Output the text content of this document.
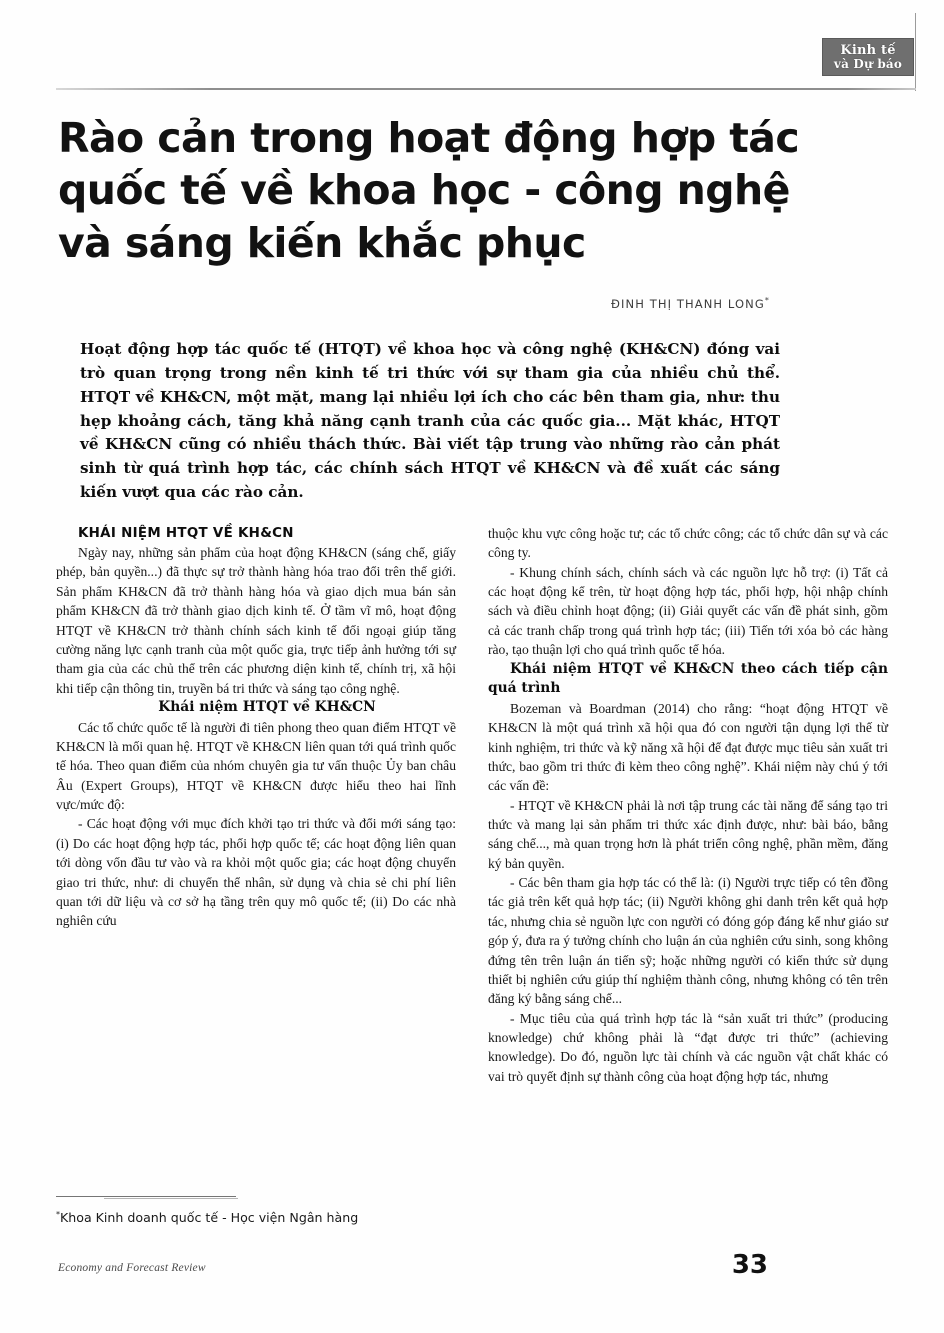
Kinh tế
và Dự báo
Rào cản trong hoạt động hợp tác
quốc tế về khoa học - công nghệ
và sáng kiến khắc phục
ĐINH THỊ THANH LONG*
Hoạt động hợp tác quốc tế (HTQT) về khoa học và công nghệ (KH&CN) đóng vai trò quan trọng trong nền kinh tế tri thức với sự tham gia của nhiều chủ thể. HTQT về KH&CN, một mặt, mang lại nhiều lợi ích cho các bên tham gia, như: thu hẹp khoảng cách, tăng khả năng cạnh tranh của các quốc gia... Mặt khác, HTQT về KH&CN cũng có nhiều thách thức. Bài viết tập trung vào những rào cản phát sinh từ quá trình hợp tác, các chính sách HTQT về KH&CN và đề xuất các sáng kiến vượt qua các rào cản.

KHÁI NIỆM HTQT VỀ KH&CN

Ngày nay, những sản phẩm của hoạt động KH&CN (sáng chế, giấy phép, bản quyền...) đã thực sự trở thành hàng hóa trao đổi trên thế giới. Sản phẩm KH&CN đã trở thành hàng hóa và giao dịch mua bán sản phẩm KH&CN đã trở thành giao dịch kinh tế. Ở tầm vĩ mô, hoạt động HTQT về KH&CN trở thành chính sách kinh tế đối ngoại giúp tăng cường năng lực cạnh tranh của một quốc gia, trực tiếp ảnh hưởng tới sự tham gia của các chủ thể trên các phương diện kinh tế, chính trị, xã hội khi tiếp cận thông tin, truyền bá tri thức và sáng tạo công nghệ.

Khái niệm HTQT về KH&CN

Các tổ chức quốc tế là người đi tiên phong theo quan điểm HTQT về KH&CN là mối quan hệ. HTQT về KH&CN liên quan tới quá trình quốc tế hóa. Theo quan điểm của nhóm chuyên gia tư vấn thuộc Ủy ban châu Âu (Expert Groups), HTQT về KH&CN được hiểu theo hai lĩnh vực/mức độ:

- Các hoạt động với mục đích khởi tạo tri thức và đổi mới sáng tạo: (i) Do các hoạt động hợp tác, phối hợp quốc tế; các hoạt động liên quan tới dòng vốn đầu tư vào và ra khỏi một quốc gia; các hoạt động chuyển giao tri thức, như: di chuyển thể nhân, sử dụng và chia sẻ chi phí liên quan tới dữ liệu và cơ sở hạ tầng trên quy mô quốc tế; (ii) Do các nhà nghiên cứu

thuộc khu vực công hoặc tư; các tổ chức công; các tổ chức dân sự và các công ty.

- Khung chính sách, chính sách và các nguồn lực hỗ trợ: (i) Tất cả các hoạt động kể trên, từ hoạt động hợp tác, phối hợp, hội nhập chính sách và điều chỉnh hoạt động; (ii) Giải quyết các vấn đề phát sinh, gồm cả các tranh chấp trong quá trình hợp tác; (iii) Tiến tới xóa bỏ các hàng rào, tạo thuận lợi cho quá trình quốc tế hóa.

Khái niệm HTQT về KH&CN theo cách tiếp cận quá trình

Bozeman và Boardman (2014) cho rằng: “hoạt động HTQT về KH&CN là một quá trình xã hội qua đó con người tận dụng lợi thế từ kinh nghiệm, tri thức và kỹ năng xã hội để đạt được mục tiêu sản xuất tri thức, bao gồm tri thức đi kèm theo công nghệ”. Khái niệm này chú ý tới các vấn đề:

- HTQT về KH&CN phải là nơi tập trung các tài năng để sáng tạo tri thức và mang lại sản phẩm tri thức xác định được, như: bài báo, bằng sáng chế..., mà quan trọng hơn là phát triển công nghệ, phần mềm, đăng ký bản quyền.

- Các bên tham gia hợp tác có thể là: (i) Người trực tiếp có tên đồng tác giả trên kết quả hợp tác; (ii) Người không ghi danh trên kết quả hợp tác, nhưng chia sẻ nguồn lực con người có đóng góp đáng kể như giáo sư góp ý, đưa ra ý tưởng chính cho luận án của nghiên cứu sinh, song không đứng tên trên luận án tiến sỹ; hoặc những người có kiến thức sử dụng thiết bị nghiên cứu giúp thí nghiệm thành công, nhưng không có tên trên đăng ký bằng sáng chế...

- Mục tiêu của quá trình hợp tác là “sản xuất tri thức” (producing knowledge) chứ không phải là “đạt được tri thức” (achieving knowledge). Do đó, nguồn lực tài chính và các nguồn vật chất khác có vai trò quyết định sự thành công của hoạt động hợp tác, nhưng

*Khoa Kinh doanh quốc tế - Học viện Ngân hàng
Economy and Forecast Review	33
